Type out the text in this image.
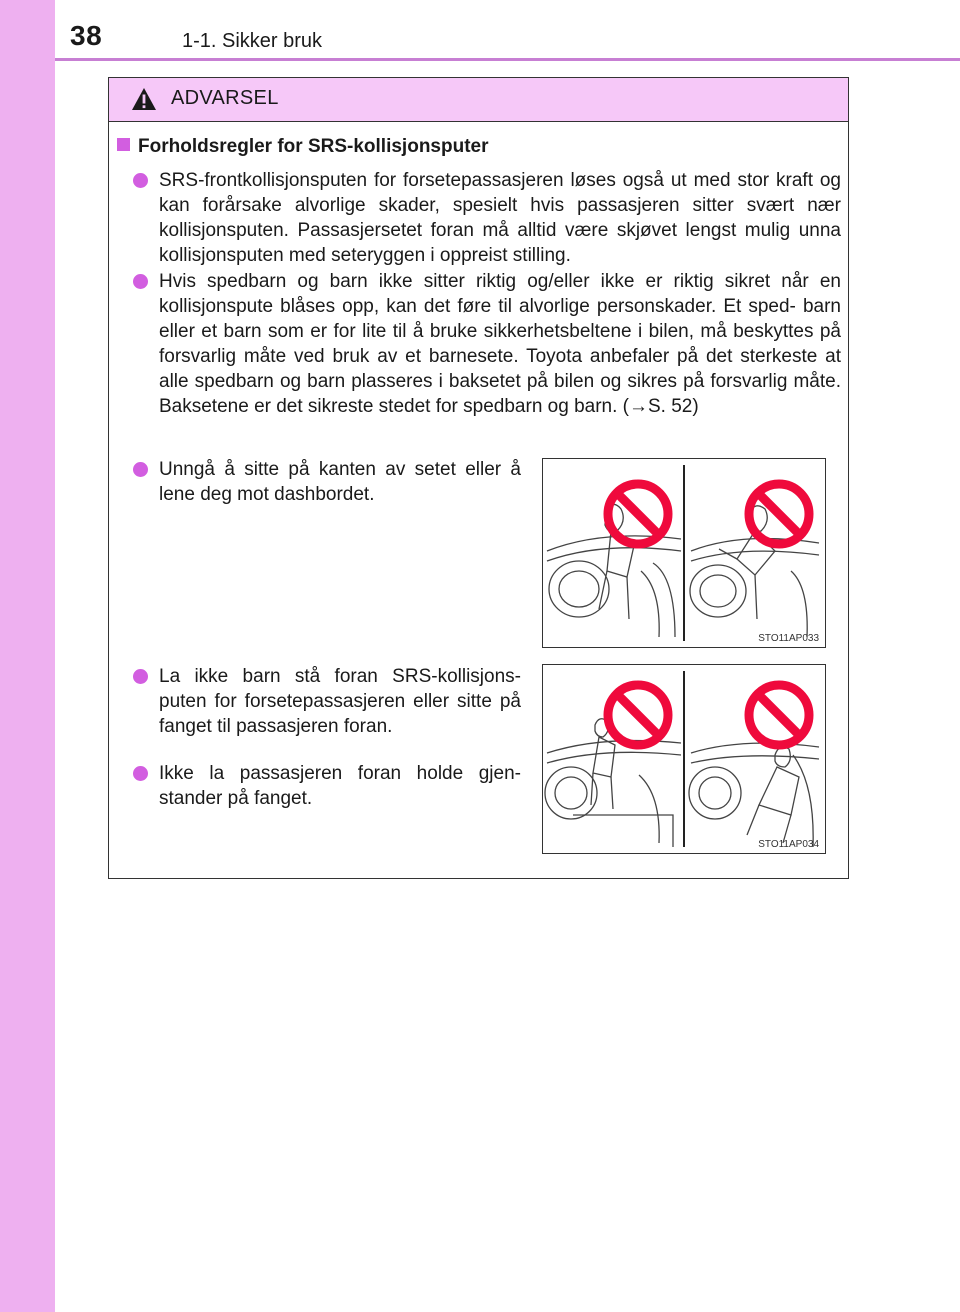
38	1-1. Sikker bruk
ADVARSEL
Forholdsregler for SRS-kollisjonsputer
SRS-frontkollisjonsputen for forsetepassasjeren løses også ut med stor kraft og kan forårsake alvorlige skader, spesielt hvis passasjeren sitter svært nær kollisjonsputen. Passasjersetet foran må alltid være skjøvet lengst mulig unna kollisjonsputen med seteryggen i oppreist stilling.
Hvis spedbarn og barn ikke sitter riktig og/eller ikke er riktig sikret når en kollisjonspute blåses opp, kan det føre til alvorlige personskader. Et sped- barn eller et barn som er for lite til å bruke sikkerhetsbeltene i bilen, må beskyttes på forsvarlig måte ved bruk av et barnesete. Toyota anbefaler på det sterkeste at alle spedbarn og barn plasseres i baksetet på bilen og sikres på forsvarlig måte. Baksetene er det sikreste stedet for spedbarn og barn. (→S. 52)
Unngå å sitte på kanten av setet eller å lene deg mot dashbordet.
La ikke barn stå foran SRS-kollisjons- puten for forsetepassasjeren eller sitte på fanget til passasjeren foran.
Ikke la passasjeren foran holde gjen- stander på fanget.
STO11AP033
STO11AP034
